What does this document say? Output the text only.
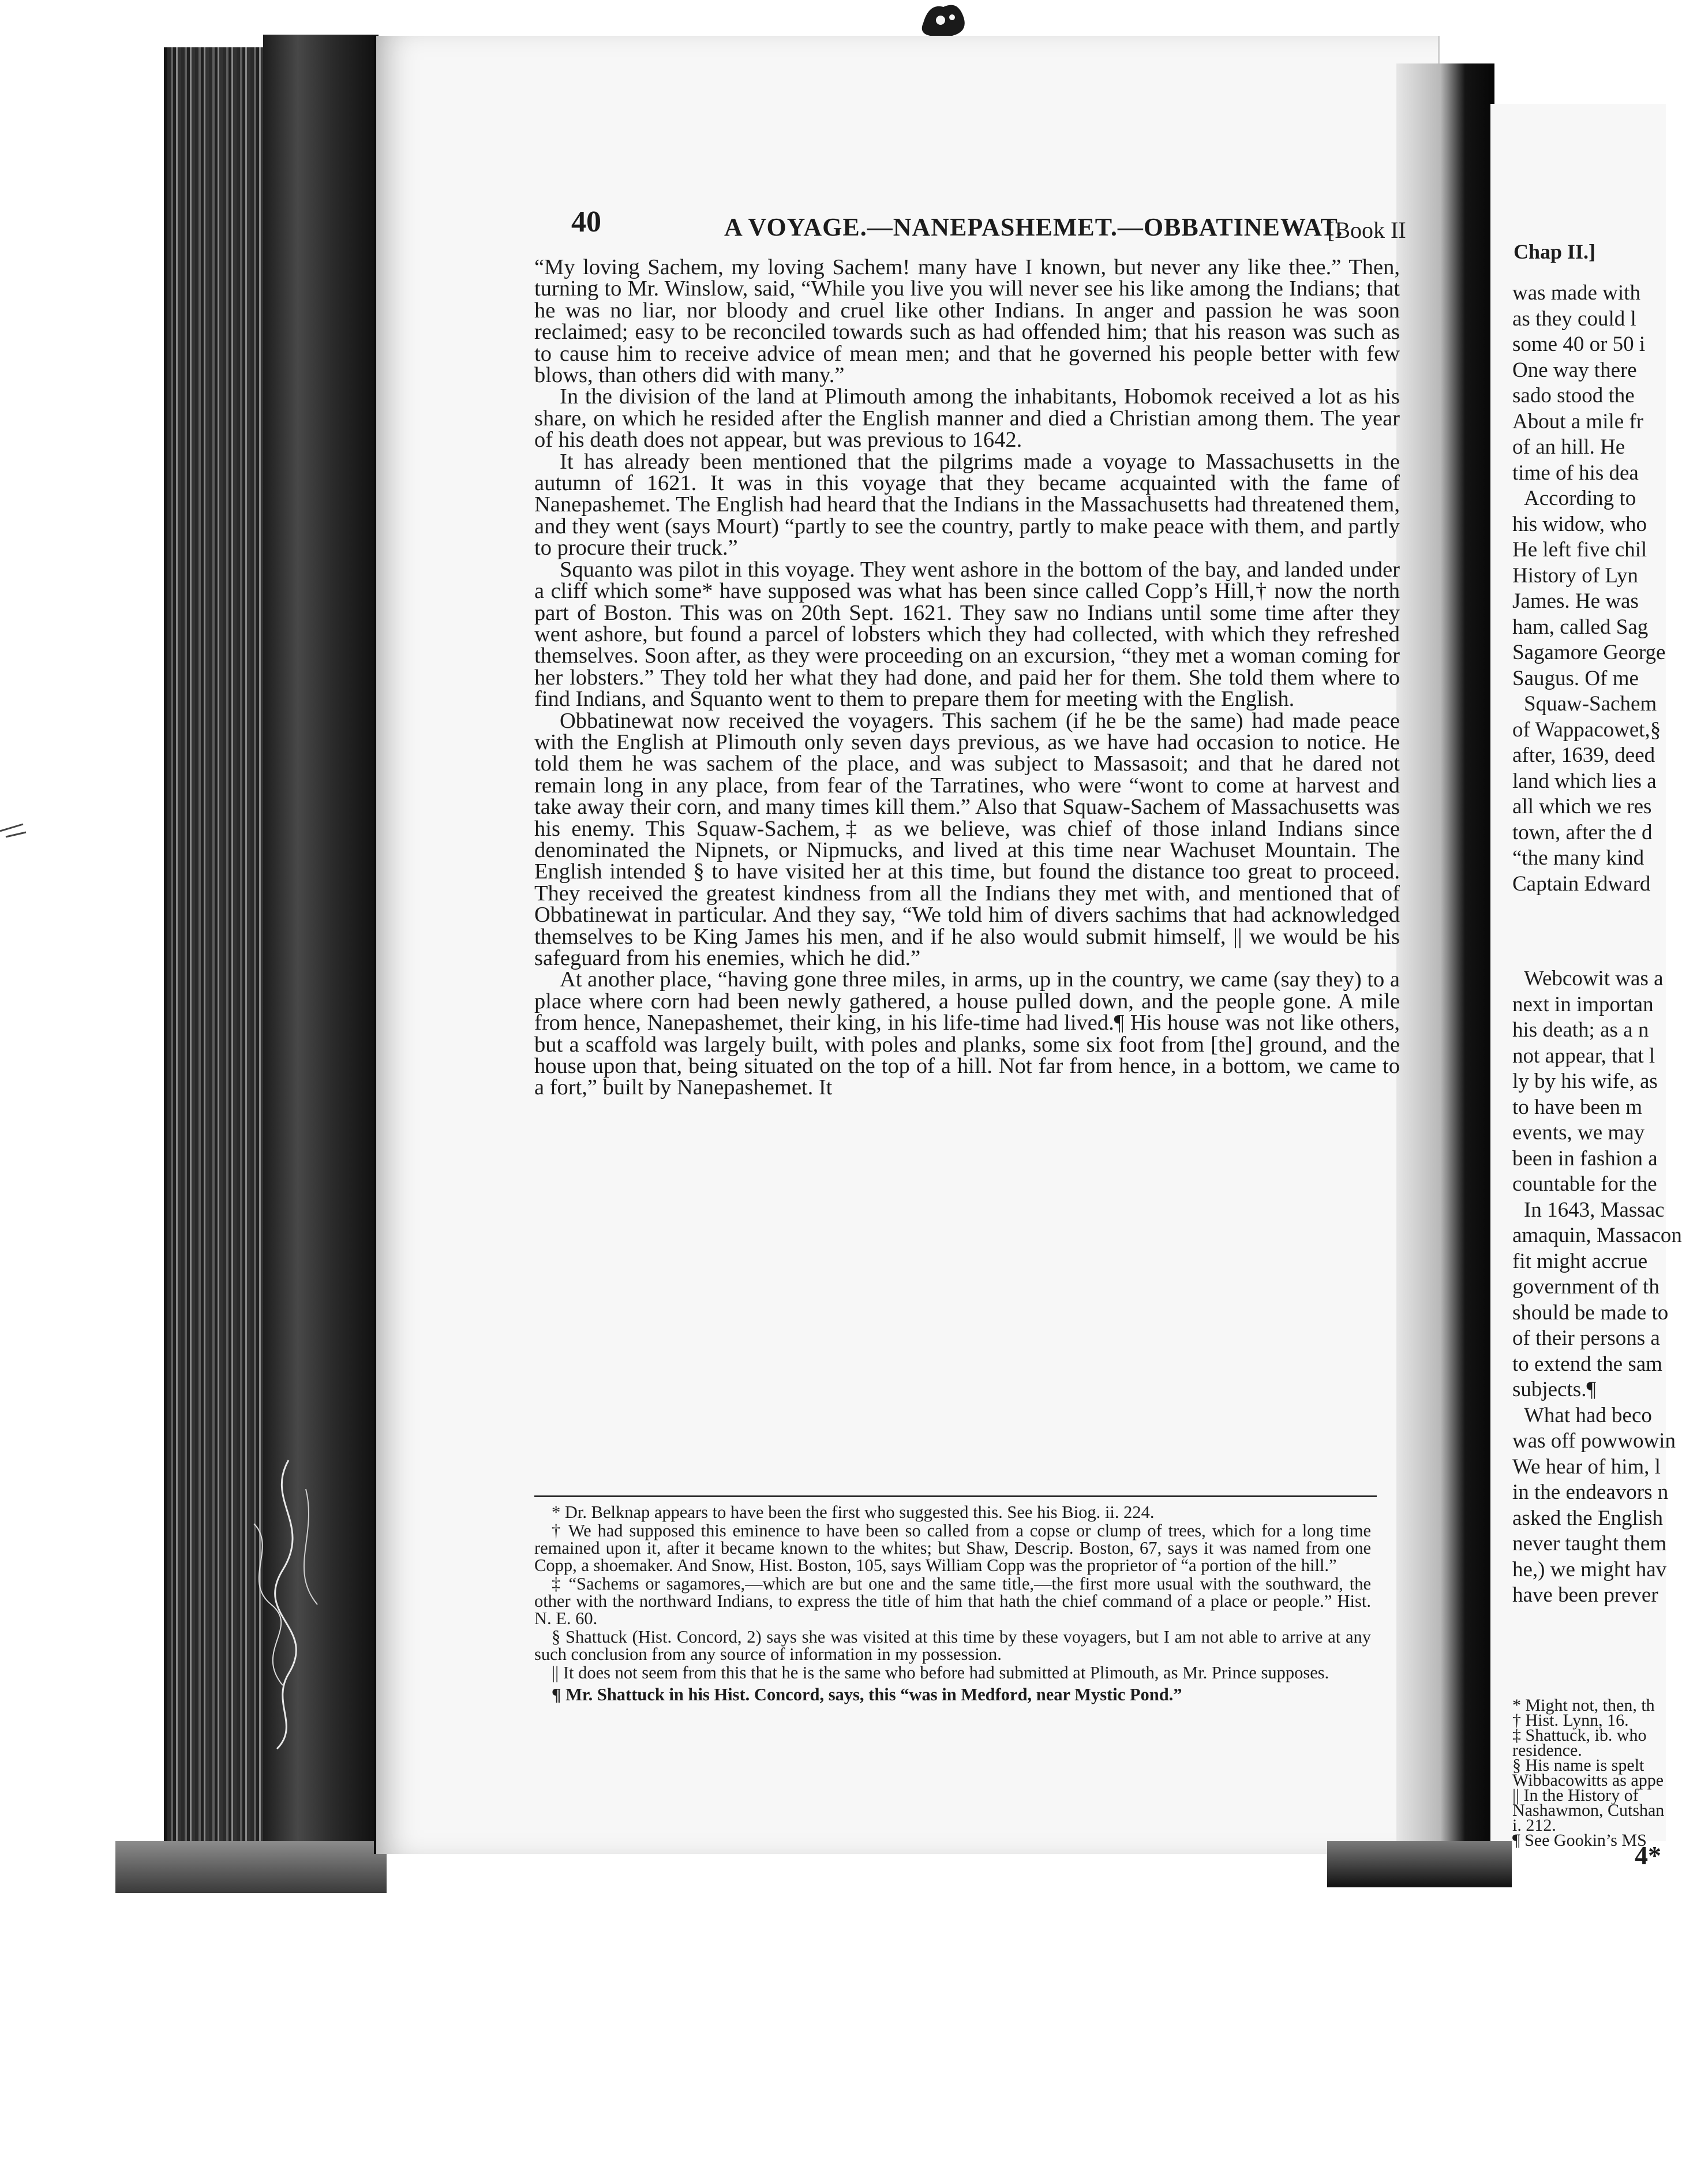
40	A VOYAGE.—NANEPASHEMET.—OBBATINEWAT.
[Book II

“My loving Sachem, my loving Sachem! many have I known, but never any like thee.” Then, turning to Mr. Winslow, said, “While you live you will never see his like among the Indians; that he was no liar, nor bloody and cruel like other Indians. In anger and passion he was soon reclaimed; easy to be reconciled towards such as had offended him; that his reason was such as to cause him to receive advice of mean men; and that he governed his people better with few blows, than others did with many.”

In the division of the land at Plimouth among the inhabitants, Hobomok received a lot as his share, on which he resided after the English manner and died a Christian among them. The year of his death does not appear, but was previous to 1642.

It has already been mentioned that the pilgrims made a voyage to Massachusetts in the autumn of 1621. It was in this voyage that they became acquainted with the fame of Nanepashemet. The English had heard that the Indians in the Massachusetts had threatened them, and they went (says Mourt) “partly to see the country, partly to make peace with them, and partly to procure their truck.”

Squanto was pilot in this voyage. They went ashore in the bottom of the bay, and landed under a cliff which some* have supposed was what has been since called Copp’s Hill,† now the north part of Boston. This was on 20th Sept. 1621. They saw no Indians until some time after they went ashore, but found a parcel of lobsters which they had collected, with which they refreshed themselves. Soon after, as they were proceeding on an excursion, “they met a woman coming for her lobsters.” They told her what they had done, and paid her for them. She told them where to find Indians, and Squanto went to them to prepare them for meeting with the English.

Obbatinewat now received the voyagers. This sachem (if he be the same) had made peace with the English at Plimouth only seven days previous, as we have had occasion to notice. He told them he was sachem of the place, and was subject to Massasoit; and that he dared not remain long in any place, from fear of the Tarratines, who were “wont to come at harvest and take away their corn, and many times kill them.” Also that Squaw-Sachem of Massachusetts was his enemy. This Squaw-Sachem,‡ as we believe, was chief of those inland Indians since denominated the Nipnets, or Nipmucks, and lived at this time near Wachuset Mountain. The English intended § to have visited her at this time, but found the distance too great to proceed. They received the greatest kindness from all the Indians they met with, and mentioned that of Obbatinewat in particular. And they say, “We told him of divers sachims that had acknowledged themselves to be King James his men, and if he also would submit himself, || we would be his safeguard from his enemies, which he did.”

At another place, “having gone three miles, in arms, up in the country, we came (say they) to a place where corn had been newly gathered, a house pulled down, and the people gone. A mile from hence, Nanepashemet, their king, in his life-time had lived.¶ His house was not like others, but a scaffold was largely built, with poles and planks, some six foot from [the] ground, and the house upon that, being situated on the top of a hill. Not far from hence, in a bottom, we came to a fort,” built by Nanepashemet. It

* Dr. Belknap appears to have been the first who suggested this. See his Biog. ii. 224.

† We had supposed this eminence to have been so called from a copse or clump of trees, which for a long time remained upon it, after it became known to the whites; but Shaw, Descrip. Boston, 67, says it was named from one Copp, a shoemaker. And Snow, Hist. Boston, 105, says William Copp was the proprietor of “a portion of the hill.”

‡ “Sachems or sagamores,—which are but one and the same title,—the first more usual with the southward, the other with the northward Indians, to express the title of him that hath the chief command of a place or people.” Hist. N. E. 60.

§ Shattuck (Hist. Concord, 2) says she was visited at this time by these voyagers, but I am not able to arrive at any such conclusion from any source of information in my possession.

|| It does not seem from this that he is the same who before had submitted at Plimouth, as Mr. Prince supposes.

¶ Mr. Shattuck in his Hist. Concord, says, this “was in Medford, near Mystic Pond.”

Chap II.]
was made with
as they could l
some 40 or 50 i
One way there
sado stood the
About a mile fr
of an hill. He
time of his dea
According to
his widow, who
He left five chil
History of Lyn
James. He was
ham, called Sag
Sagamore George
Saugus. Of me
Squaw-Sachem
of Wappacowet,§
after, 1639, deed
land which lies a
all which we res
town, after the d
“the many kind
Captain Edward
Webcowit was a
next in importan
his death; as a n
not appear, that l
ly by his wife, as
to have been m
events, we may
been in fashion a
countable for the
In 1643, Massac
amaquin, Massacon
fit might accrue
government of th
should be made to
of their persons a
to extend the sam
subjects.¶
What had beco
was off powwowin
We hear of him, l
in the endeavors n
asked the English
never taught them
he,) we might hav
have been prever
* Might not, then, th
† Hist. Lynn, 16.
‡ Shattuck, ib. who
residence.
§ His name is spelt
Wibbacowitts as appe
|| In the History of
Nashawmon, Cutshan
i. 212.
¶ See Gookin’s MS
4*
